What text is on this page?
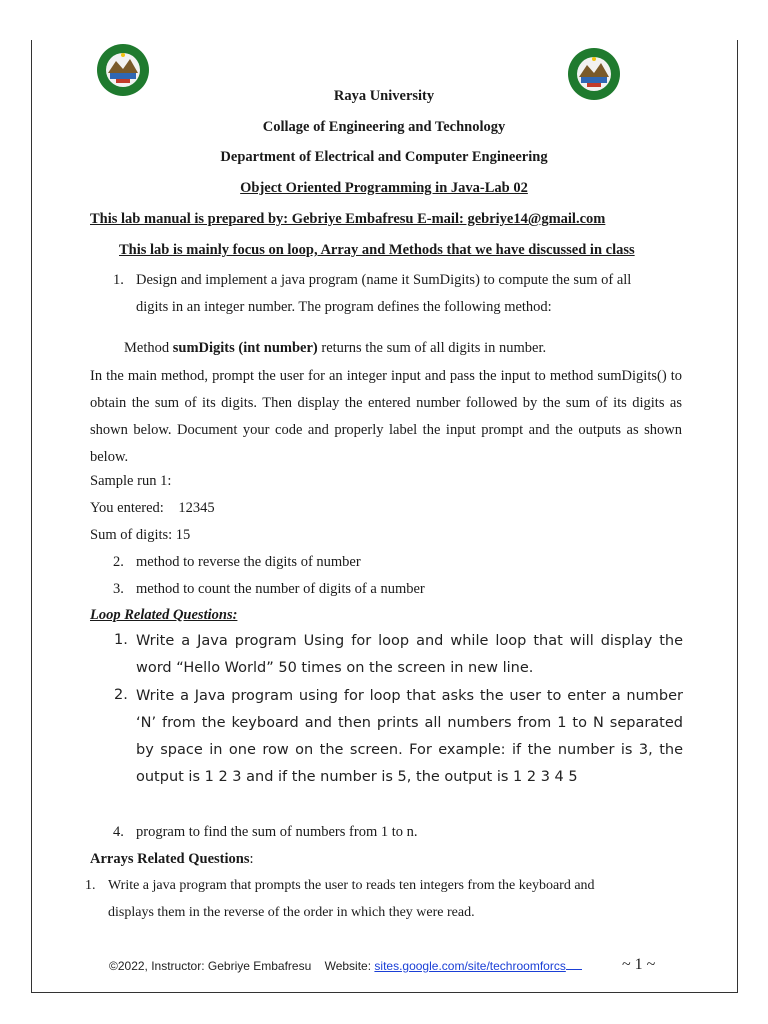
Raya University
Collage of Engineering and Technology
Department of Electrical and Computer Engineering
Object Oriented Programming in Java-Lab 02
This lab manual is prepared by: Gebriye Embafresu E-mail: gebriye14@gmail.com
This lab is mainly focus on loop, Array and Methods that we have discussed in class
1. Design and implement a java program (name it SumDigits) to compute the sum of all
digits in an integer number. The program defines the following method:
Method sumDigits (int number) returns the sum of all digits in number.
In the main method, prompt the user for an integer input and pass the input to method sumDigits() to obtain the sum of its digits. Then display the entered number followed by the sum of its digits as shown below. Document your code and properly label the input prompt and the outputs as shown below.
Sample run 1:
You entered:    12345
Sum of digits: 15
2. method to reverse the digits of number
3. method to count the number of digits of a number
Loop Related Questions:
1. Write a Java program Using for loop and while loop that will display the word “Hello World” 50 times on the screen in new line.
2. Write a Java program using for loop that asks the user to enter a number ‘N’ from the keyboard and then prints all numbers from 1 to N separated by space in one row on the screen. For example: if the number is 3, the output is 1 2 3 and if the number is 5, the output is 1 2 3 4 5
4. program to find the sum of numbers from 1 to n.
Arrays Related Questions:
1. Write a java program that prompts the user to reads ten integers from the keyboard and
displays them in the reverse of the order in which they were read.
©2022, Instructor: Gebriye Embafresu    Website: sites.google.com/site/techroomforcs	~ 1 ~
